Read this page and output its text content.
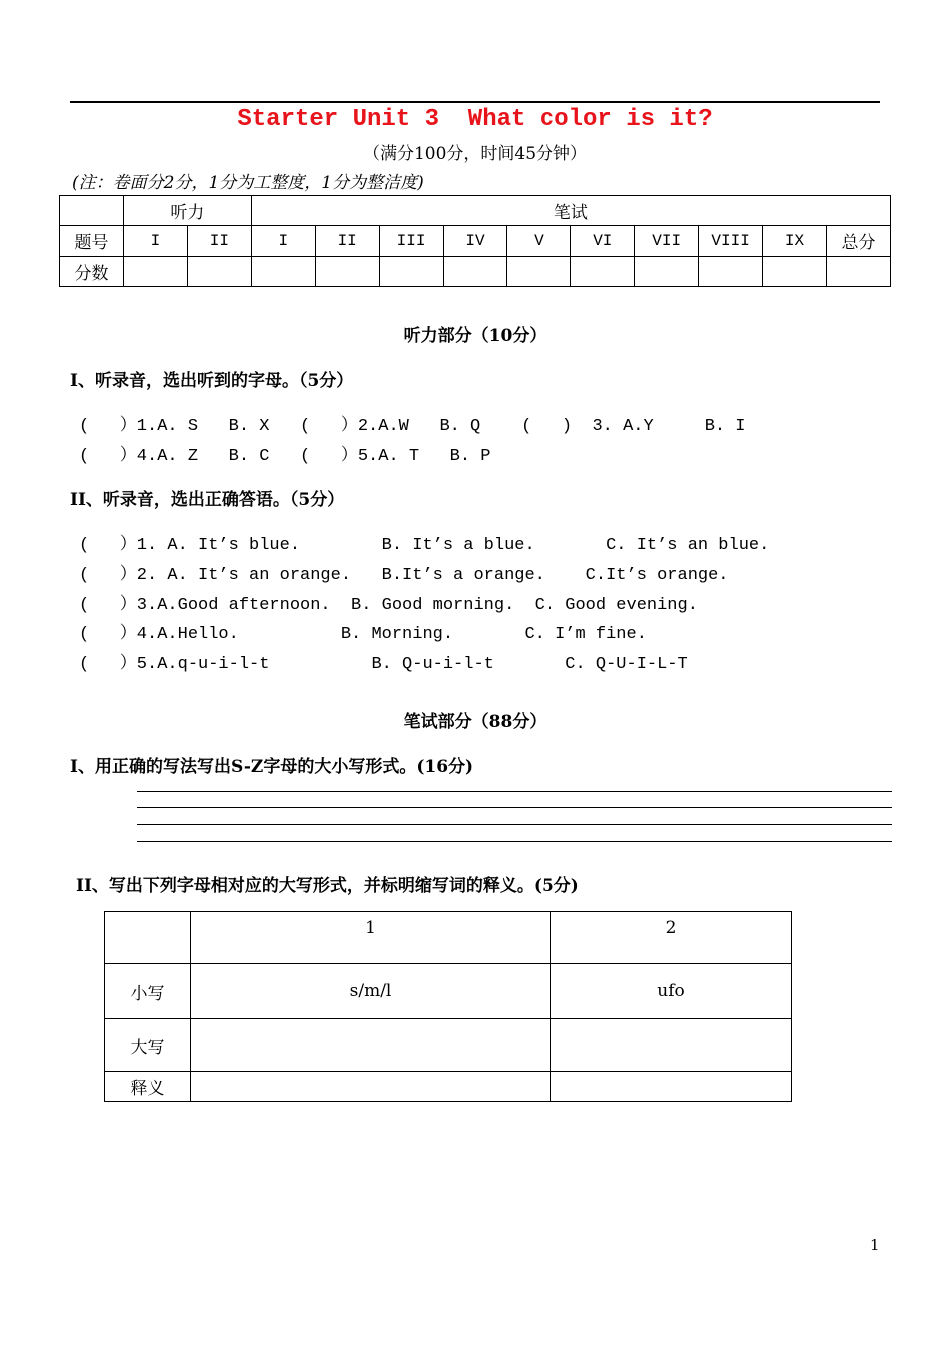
Starter Unit 3  What color is it?
（满分100分，时间45分钟）
(注：卷面分2分，1分为工整度，1分为整洁度)
	听力		笔试									
题号	I	II	I	II	III	IV	V	VI	VII	VIII	IX	总分
分数												
听力部分（10分）
I、听录音，选出听到的字母。（5分）
(   ）1.A. S   B. X   (   ）2.A.W   B. Q    (   )  3. A.Y     B. I
(   ）4.A. Z   B. C   (   ）5.A. T   B. P
II、听录音，选出正确答语。（5分）
(   ）1. A. It’s blue.        B. It’s a blue.       C. It’s an blue.
(   ）2. A. It’s an orange.   B.It’s a orange.    C.It’s orange.
(   ）3.A.Good afternoon.  B. Good morning.  C. Good evening.
(   ）4.A.Hello.          B. Morning.       C. I’m fine.
(   ）5.A.q-u-i-l-t          B. Q-u-i-l-t       C. Q-U-I-L-T
笔试部分（88分）
I、用正确的写法写出S-Z字母的大小写形式。(16分)
II、写出下列字母相对应的大写形式，并标明缩写词的释义。(5分)
	1	2
小写	s/m/l	ufo
大写		
释义		
1
